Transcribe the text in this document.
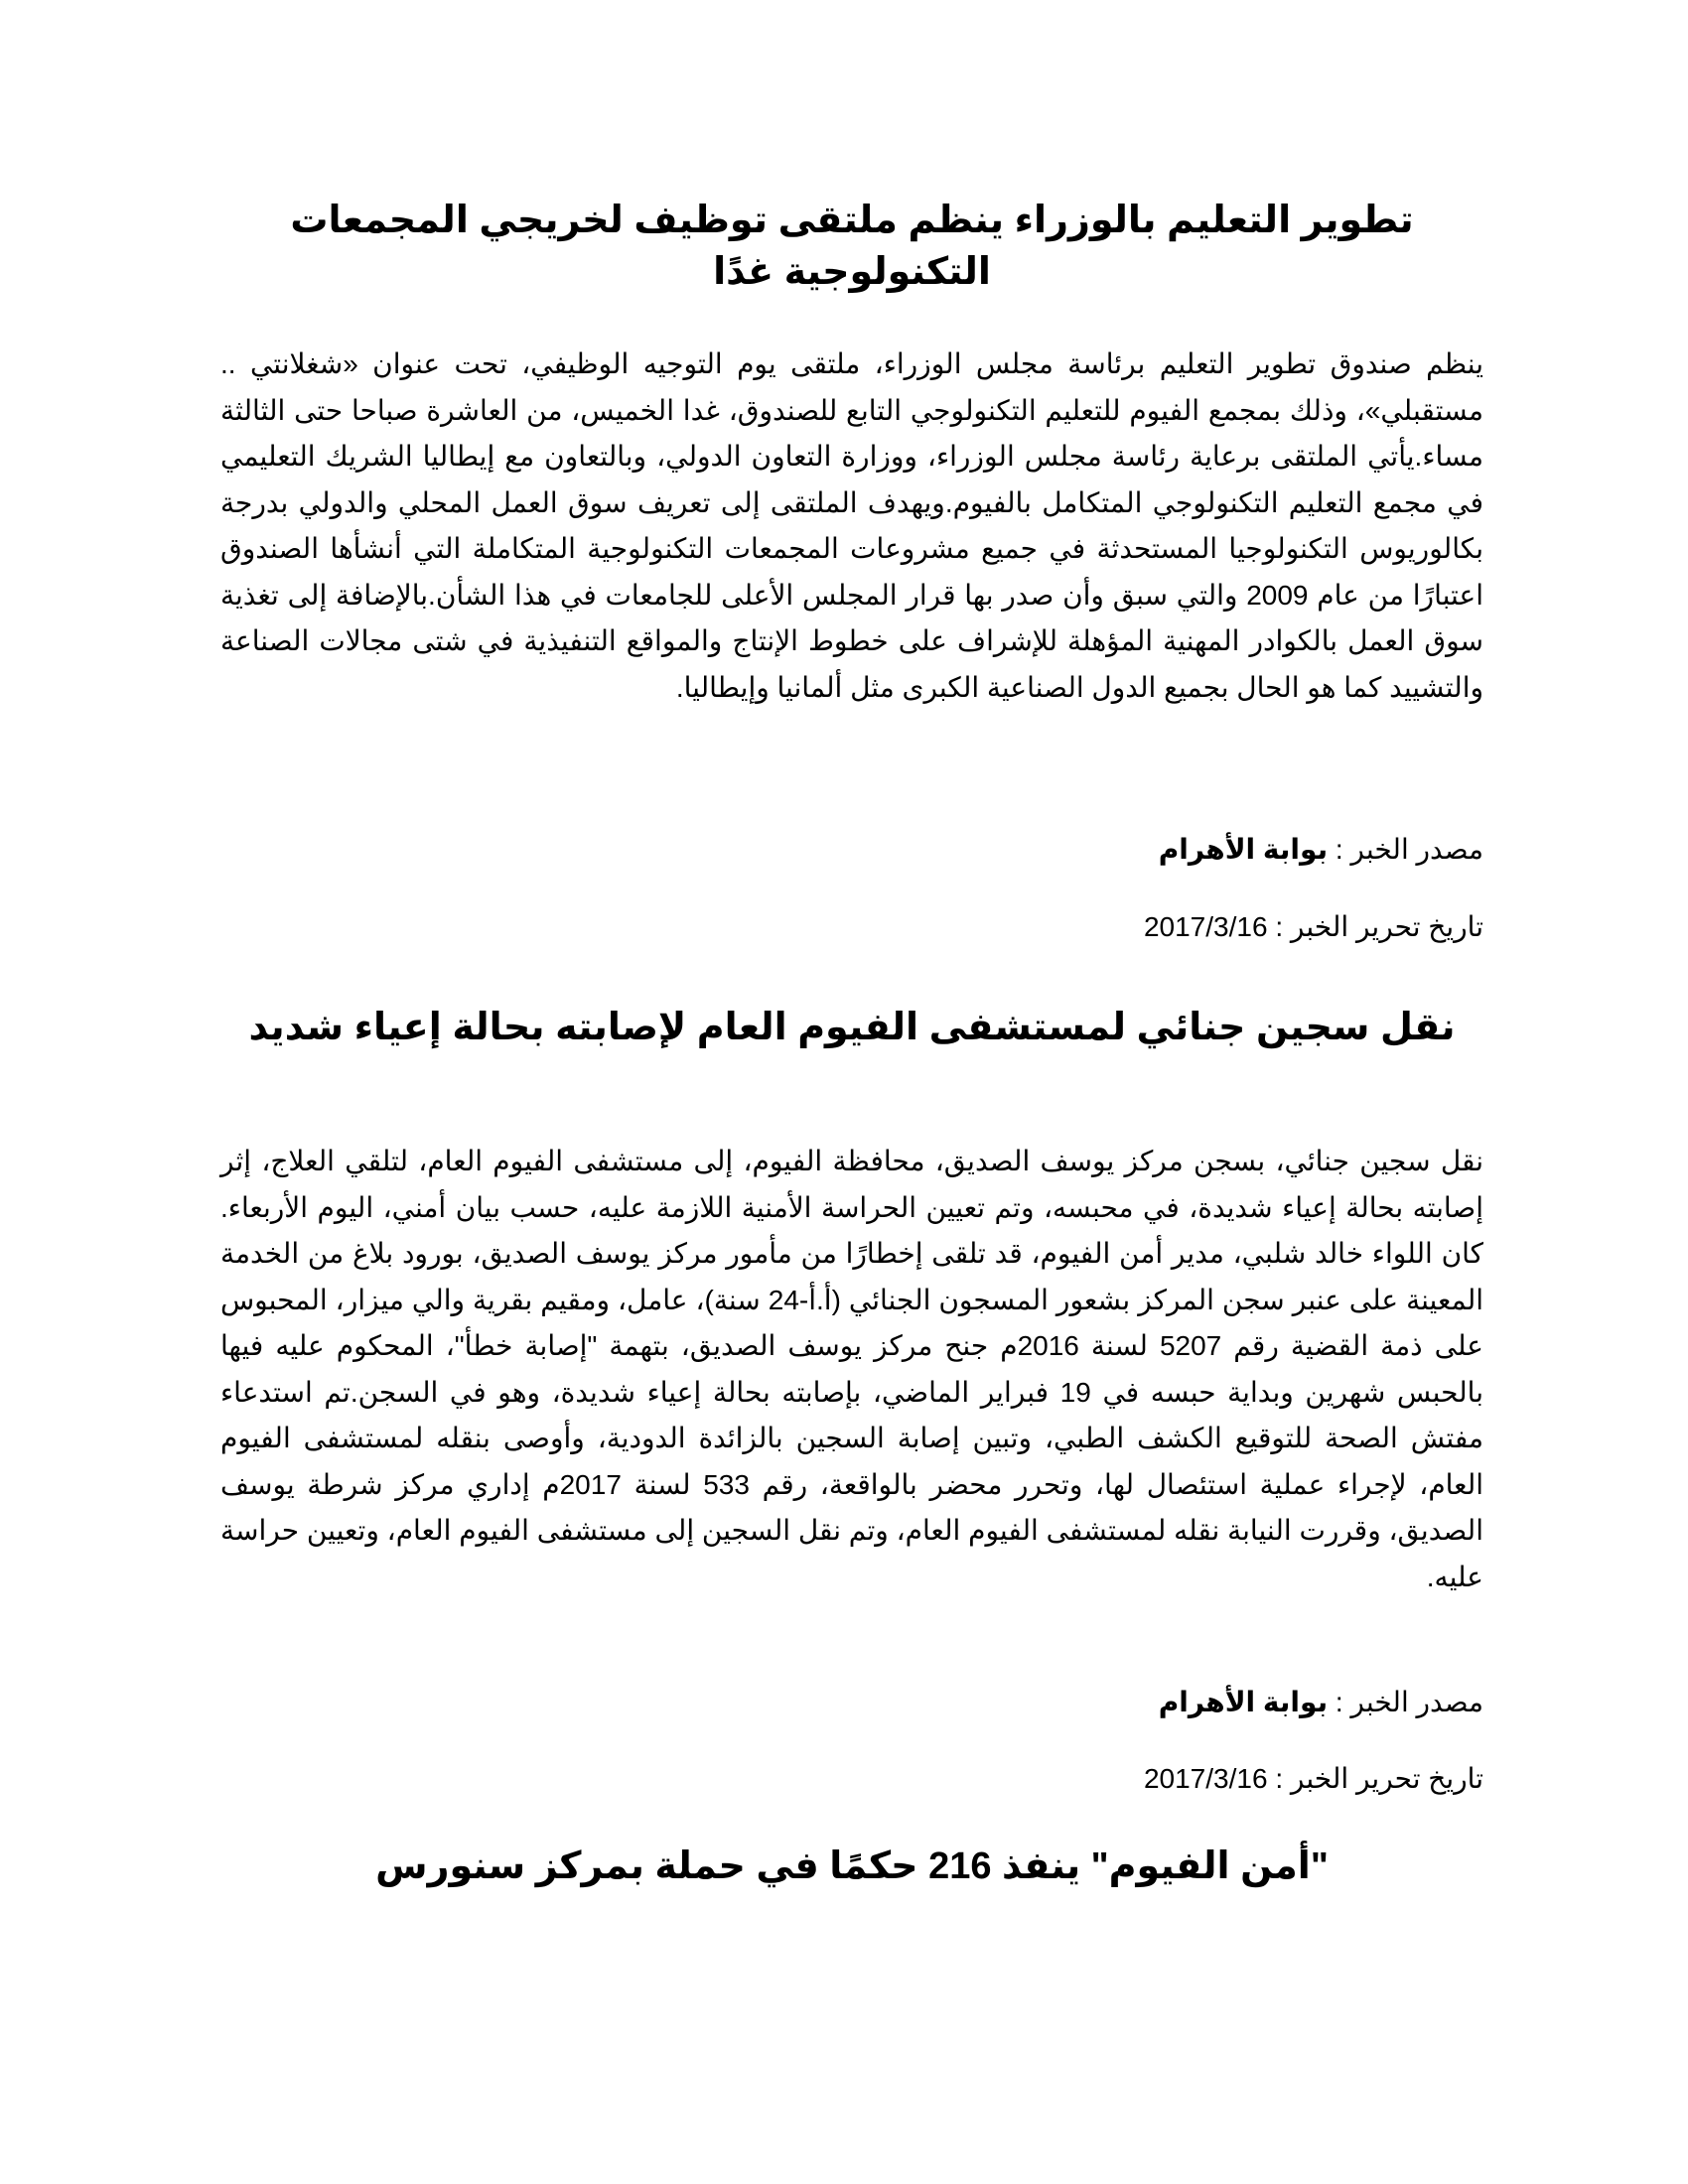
تطوير التعليم بالوزراء ينظم ملتقى توظيف لخريجي المجمعات التكنولوجية غدًا

ينظم صندوق تطوير التعليم برئاسة مجلس الوزراء، ملتقى يوم التوجيه الوظيفي، تحت عنوان «شغلانتي .. مستقبلي»، وذلك بمجمع الفيوم للتعليم التكنولوجي التابع للصندوق، غدا الخميس، من العاشرة صباحا حتى الثالثة مساء.يأتي الملتقى برعاية رئاسة مجلس الوزراء، ووزارة التعاون الدولي، وبالتعاون مع إيطاليا الشريك التعليمي في مجمع التعليم التكنولوجي المتكامل بالفيوم.ويهدف الملتقى إلى تعريف سوق العمل المحلي والدولي بدرجة بكالوريوس التكنولوجيا المستحدثة في جميع مشروعات المجمعات التكنولوجية المتكاملة التي أنشأها الصندوق اعتبارًا من عام 2009 والتي سبق وأن صدر بها قرار المجلس الأعلى للجامعات في هذا الشأن.بالإضافة إلى تغذية سوق العمل بالكوادر المهنية المؤهلة للإشراف على خطوط الإنتاج والمواقع التنفيذية في شتى مجالات الصناعة والتشييد كما هو الحال بجميع الدول الصناعية الكبرى مثل ألمانيا وإيطاليا.

مصدر الخبر : بوابة الأهرام

تاريخ تحرير الخبر : 2017/3/16

نقل سجين جنائي لمستشفى الفيوم العام لإصابته بحالة إعياء شديد

نقل سجين جنائي، بسجن مركز يوسف الصديق، محافظة الفيوم، إلى مستشفى الفيوم العام، لتلقي العلاج، إثر إصابته بحالة إعياء شديدة، في محبسه، وتم تعيين الحراسة الأمنية اللازمة عليه، حسب بيان أمني، اليوم الأربعاء. كان اللواء خالد شلبي، مدير أمن الفيوم، قد تلقى إخطارًا من مأمور مركز يوسف الصديق، بورود بلاغ من الخدمة المعينة على عنبر سجن المركز بشعور المسجون الجنائي (أ.أ-24 سنة)، عامل، ومقيم بقرية والي ميزار، المحبوس على ذمة القضية رقم 5207 لسنة 2016م جنح مركز يوسف الصديق، بتهمة "إصابة خطأ"، المحكوم عليه فيها بالحبس شهرين وبداية حبسه في 19 فبراير الماضي، بإصابته بحالة إعياء شديدة، وهو في السجن.تم استدعاء مفتش الصحة للتوقيع الكشف الطبي، وتبين إصابة السجين بالزائدة الدودية، وأوصى بنقله لمستشفى الفيوم العام، لإجراء عملية استئصال لها، وتحرر محضر بالواقعة، رقم 533 لسنة 2017م إداري مركز شرطة يوسف الصديق، وقررت النيابة نقله لمستشفى الفيوم العام، وتم نقل السجين إلى مستشفى الفيوم العام، وتعيين حراسة عليه.

مصدر الخبر : بوابة الأهرام

تاريخ تحرير الخبر : 2017/3/16

"أمن الفيوم" ينفذ 216 حكمًا في حملة بمركز سنورس
